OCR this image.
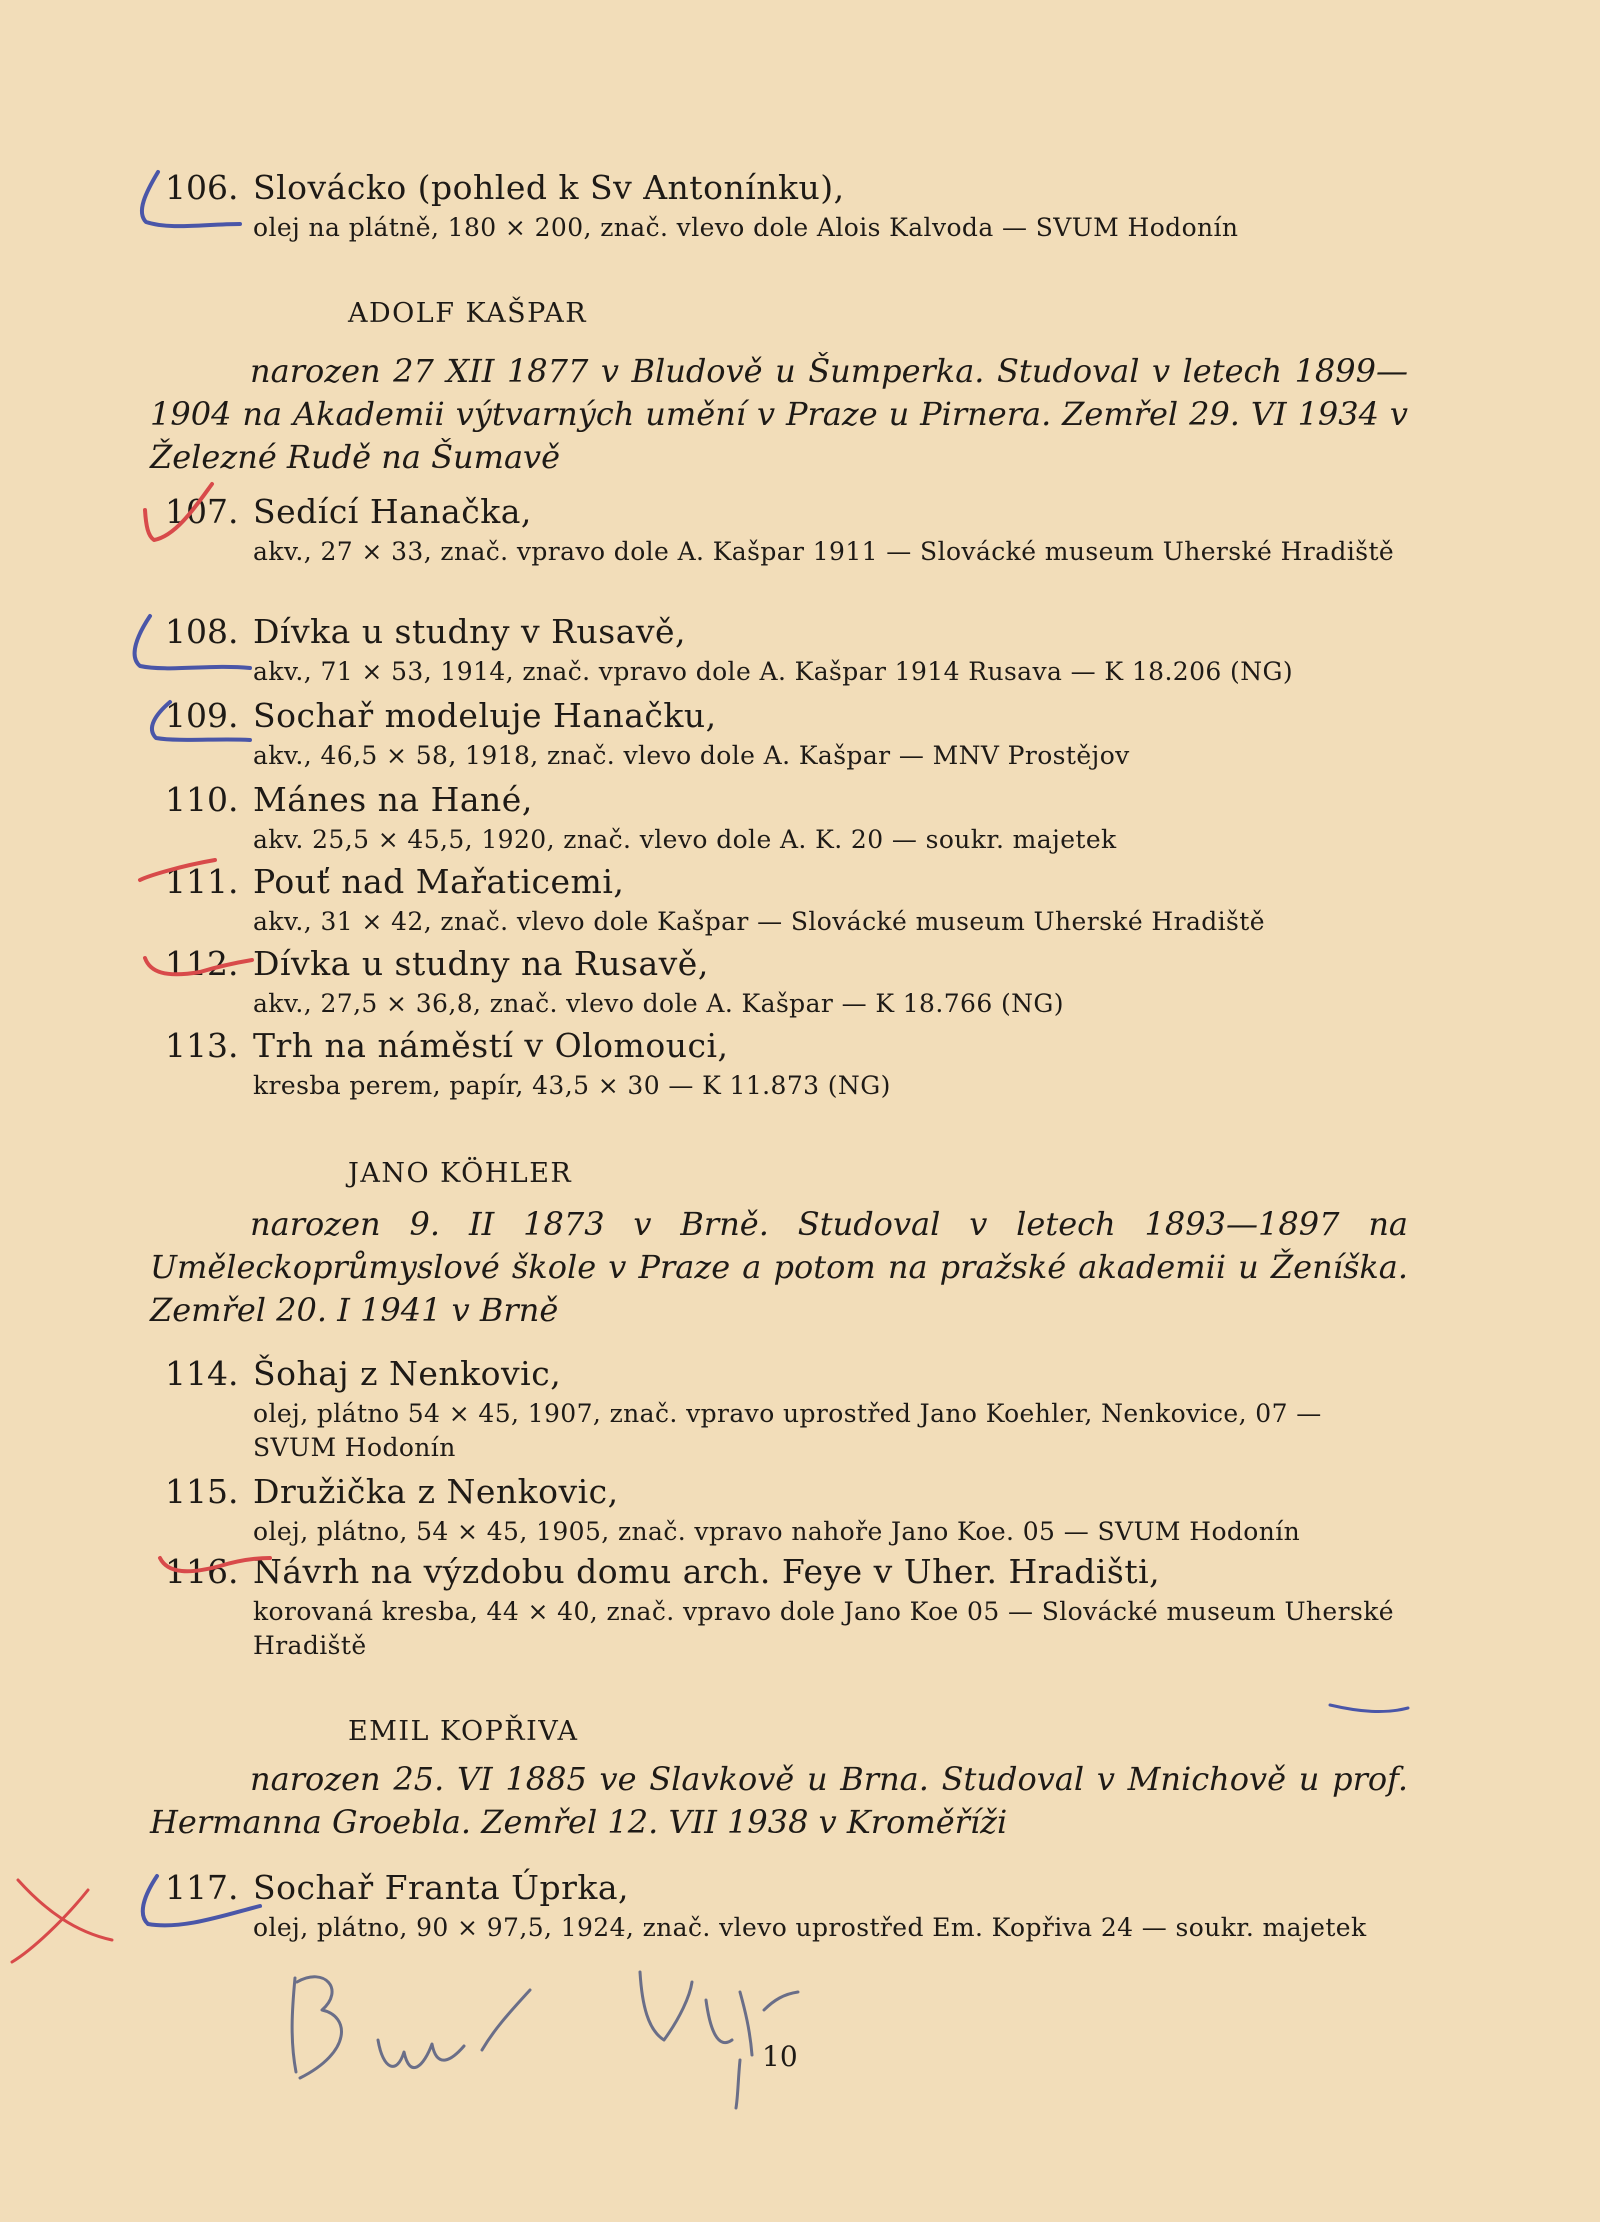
106. Slovácko (pohled k Sv Antonínku),
olej na plátně, 180 × 200, znač. vlevo dole Alois Kalvoda — SVUM Hodonín
ADOLF KAŠPAR
narozen 27 XII 1877 v Bludově u Šumperka. Studoval v letech 1899—1904 na Akademii výtvarných umění v Praze u Pirnera. Zemřel 29. VI 1934 v Železné Rudě na Šumavě
107. Sedící Hanačka,
akv., 27 × 33, znač. vpravo dole A. Kašpar 1911 — Slovácké museum Uherské Hradiště
108. Dívka u studny v Rusavě,
akv., 71 × 53, 1914, znač. vpravo dole A. Kašpar 1914 Rusava — K 18.206 (NG)
109. Sochař modeluje Hanačku,
akv., 46,5 × 58, 1918, znač. vlevo dole A. Kašpar — MNV Prostějov
110. Mánes na Hané,
akv. 25,5 × 45,5, 1920, znač. vlevo dole A. K. 20 — soukr. majetek
111. Pouť nad Mařaticemi,
akv., 31 × 42, znač. vlevo dole Kašpar — Slovácké museum Uherské Hradiště
112. Dívka u studny na Rusavě,
akv., 27,5 × 36,8, znač. vlevo dole A. Kašpar — K 18.766 (NG)
113. Trh na náměstí v Olomouci,
kresba perem, papír, 43,5 × 30 — K 11.873 (NG)
JANO KÖHLER
narozen 9. II 1873 v Brně. Studoval v letech 1893—1897 na Uměleckoprůmyslové škole v Praze a potom na pražské akademii u Ženíška. Zemřel 20. I 1941 v Brně
114. Šohaj z Nenkovic,
olej, plátno 54 × 45, 1907, znač. vpravo uprostřed Jano Koehler, Nenkovice, 07 — SVUM Hodonín
115. Družička z Nenkovic,
olej, plátno, 54 × 45, 1905, znač. vpravo nahoře Jano Koe. 05 — SVUM Hodonín
116. Návrh na výzdobu domu arch. Feye v Uher. Hradišti,
korovaná kresba, 44 × 40, znač. vpravo dole Jano Koe 05 — Slovácké museum Uherské Hradiště
EMIL KOPŘIVA
narozen 25. VI 1885 ve Slavkově u Brna. Studoval v Mnichově u prof. Hermanna Groebla. Zemřel 12. VII 1938 v Kroměříži
117. Sochař Franta Úprka,
olej, plátno, 90 × 97,5, 1924, znač. vlevo uprostřed Em. Kopřiva 24 — soukr. majetek
10
